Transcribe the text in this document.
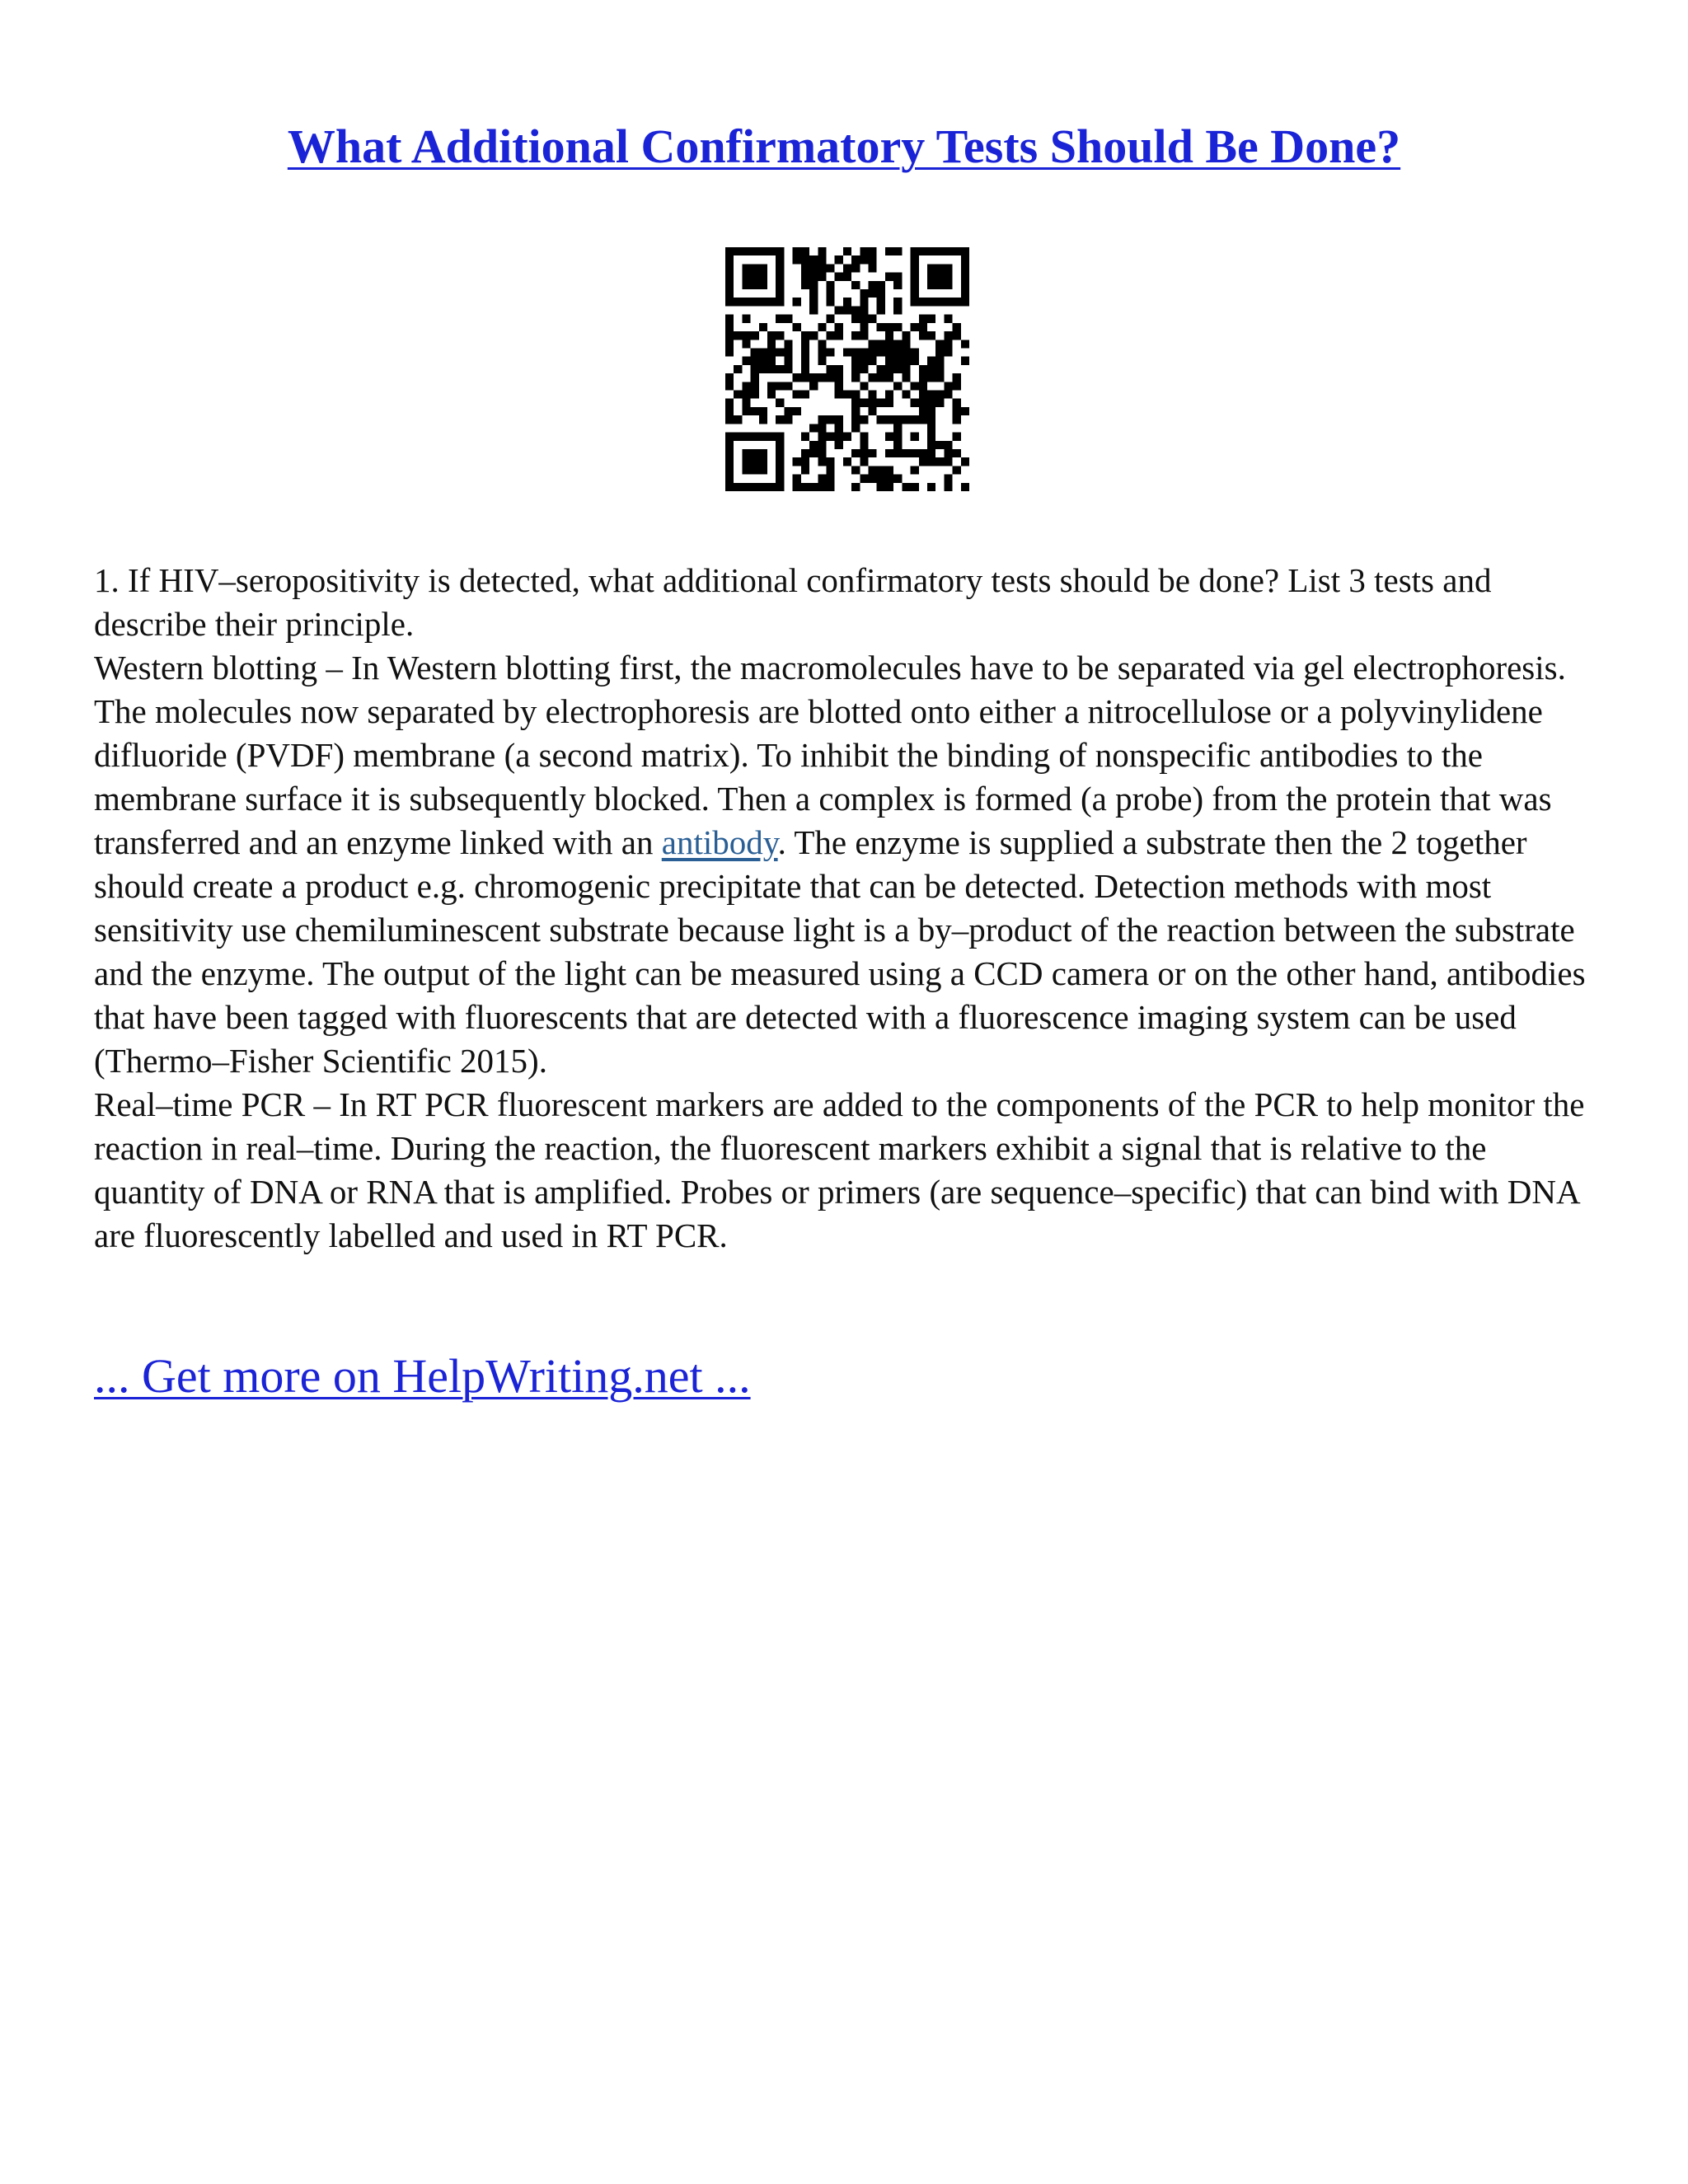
What Additional Confirmatory Tests Should Be Done?

1. If HIV–seropositivity is detected, what additional confirmatory tests should be done? List 3 tests and describe their principle.

Western blotting – In Western blotting first, the macromolecules have to be separated via gel electrophoresis. The molecules now separated by electrophoresis are blotted onto either a nitrocellulose or a polyvinylidene difluoride (PVDF) membrane (a second matrix). To inhibit the binding of nonspecific antibodies to the membrane surface it is subsequently blocked. Then a complex is formed (a probe) from the protein that was transferred and an enzyme linked with an antibody. The enzyme is supplied a substrate then the 2 together should create a product e.g. chromogenic precipitate that can be detected. Detection methods with most sensitivity use chemiluminescent substrate because light is a by–product of the reaction between the substrate and the enzyme. The output of the light can be measured using a CCD camera or on the other hand, antibodies that have been tagged with fluorescents that are detected with a fluorescence imaging system can be used (Thermo–Fisher Scientific 2015).

Real–time PCR – In RT PCR fluorescent markers are added to the components of the PCR to help monitor the reaction in real–time. During the reaction, the fluorescent markers exhibit a signal that is relative to the quantity of DNA or RNA that is amplified. Probes or primers (are sequence–specific) that can bind with DNA are fluorescently labelled and used in RT PCR.

... Get more on HelpWriting.net ...
